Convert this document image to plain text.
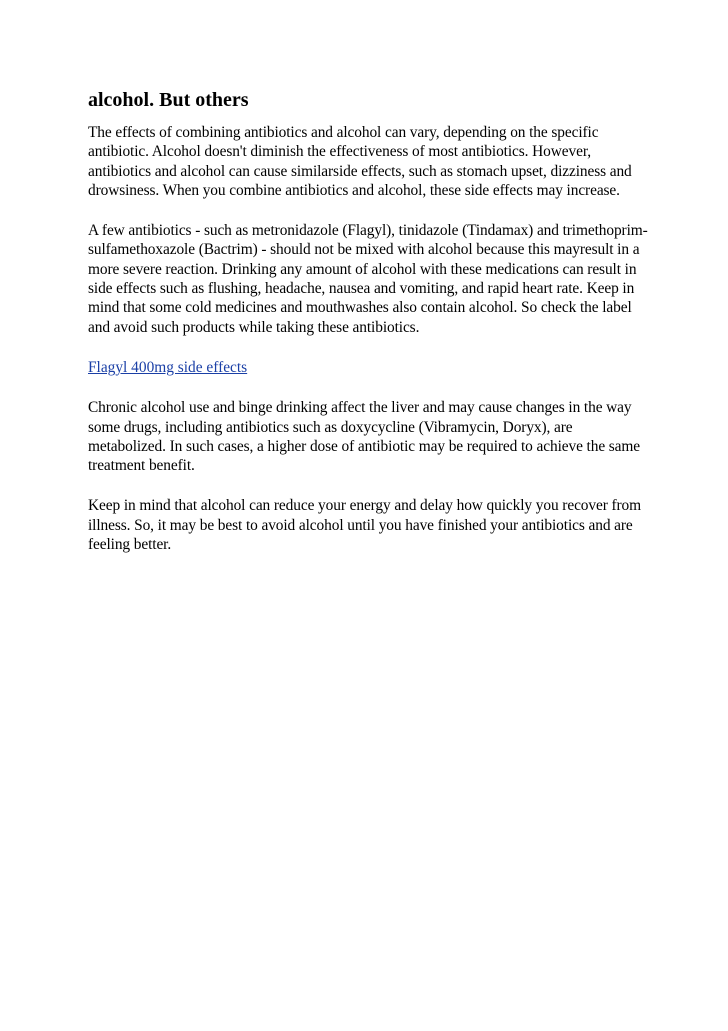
alcohol. But others

The effects of combining antibiotics and alcohol can vary, depending on the specific antibiotic. Alcohol doesn't diminish the effectiveness of most antibiotics. However, antibiotics and alcohol can cause similarside effects, such as stomach upset, dizziness and drowsiness. When you combine antibiotics and alcohol, these side effects may increase.

A few antibiotics - such as metronidazole (Flagyl), tinidazole (Tindamax) and trimethoprim-sulfamethoxazole (Bactrim) - should not be mixed with alcohol because this mayresult in a more severe reaction. Drinking any amount of alcohol with these medications can result in side effects such as flushing, headache, nausea and vomiting, and rapid heart rate. Keep in mind that some cold medicines and mouthwashes also contain alcohol. So check the label and avoid such products while taking these antibiotics.

Flagyl 400mg side effects

Chronic alcohol use and binge drinking affect the liver and may cause changes in the way some drugs, including antibiotics such as doxycycline (Vibramycin, Doryx), are metabolized. In such cases, a higher dose of antibiotic may be required to achieve the same treatment benefit.

Keep in mind that alcohol can reduce your energy and delay how quickly you recover from illness. So, it may be best to avoid alcohol until you have finished your antibiotics and are feeling better.
